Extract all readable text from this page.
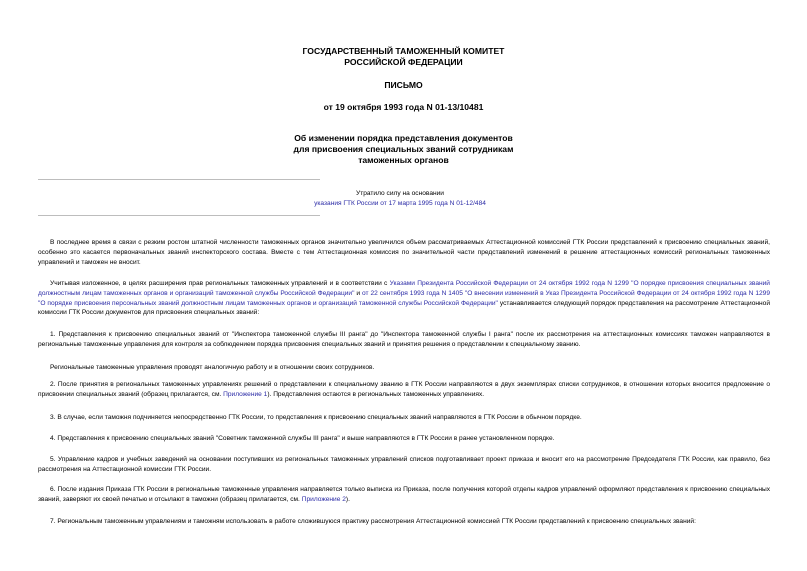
ГОСУДАРСТВЕННЫЙ ТАМОЖЕННЫЙ КОМИТЕТ
РОССИЙСКОЙ ФЕДЕРАЦИИ
ПИСЬМО
от 19 октября 1993 года N 01-13/10481
Об изменении порядка представления документов
для присвоения специальных званий сотрудникам
таможенных органов
Утратило силу на основании
указания ГТК России от 17 марта 1995 года N 01-12/484

В последнее время в связи с резким ростом штатной численности таможенных органов значительно увеличился объем рассматриваемых Аттестационной комиссией ГТК России представлений к присвоению специальных званий, особенно это касается первоначальных званий инспекторского состава. Вместе с тем Аттестационная комиссия по значительной части представлений изменений в решение аттестационных комиссий региональных таможенных управлений и таможен не вносит.

Учитывая изложенное, в целях расширения прав региональных таможенных управлений и в соответствии с Указами Президента Российской Федерации от 24 октября 1992 года N 1299 "О порядке присвоения специальных званий должностным лицам таможенных органов и организаций таможенной службы Российской Федерации" и от 22 сентября 1993 года N 1405 "О внесении изменений в Указ Президента Российской Федерации от 24 октября 1992 года N 1299 "О порядке присвоения персональных званий должностным лицам таможенных органов и организаций таможенной службы Российской Федерации" устанавливается следующий порядок представления на рассмотрение Аттестационной комиссии ГТК России документов для присвоения специальных званий:

1. Представления к присвоению специальных званий от "Инспектора таможенной службы III ранга" до "Инспектора таможенной службы I ранга" после их рассмотрения на аттестационных комиссиях таможен направляются в региональные таможенные управления для контроля за соблюдением порядка присвоения специальных званий и принятия решения о представлении к специальному званию.

Региональные таможенные управления проводят аналогичную работу и в отношении своих сотрудников.

2. После принятия в региональных таможенных управлениях решений о представлении к специальному званию в ГТК России направляются в двух экземплярах списки сотрудников, в отношении которых вносится предложение о присвоении специальных званий (образец прилагается, см. Приложение 1). Представления остаются в региональных таможенных управлениях.

3. В случае, если таможня подчиняется непосредственно ГТК России, то представления к присвоению специальных званий направляются в ГТК России в обычном порядке.

4. Представления к присвоению специальных званий "Советник таможенной службы III ранга" и выше направляются в ГТК России в ранее установленном порядке.

5. Управление кадров и учебных заведений на основании поступивших из региональных таможенных управлений списков подготавливает проект приказа и вносит его на рассмотрение Председателя ГТК России, как правило, без рассмотрения на Аттестационной комиссии ГТК России.

6. После издания Приказа ГТК России в региональные таможенные управления направляется только выписка из Приказа, после получения которой отделы кадров управлений оформляют представления к присвоению специальных званий, заверяют их своей печатью и отсылают в таможни (образец прилагается, см. Приложение 2).

7. Региональным таможенным управлениям и таможням использовать в работе сложившуюся практику рассмотрения Аттестационной комиссией ГТК России представлений к присвоению специальных званий:
